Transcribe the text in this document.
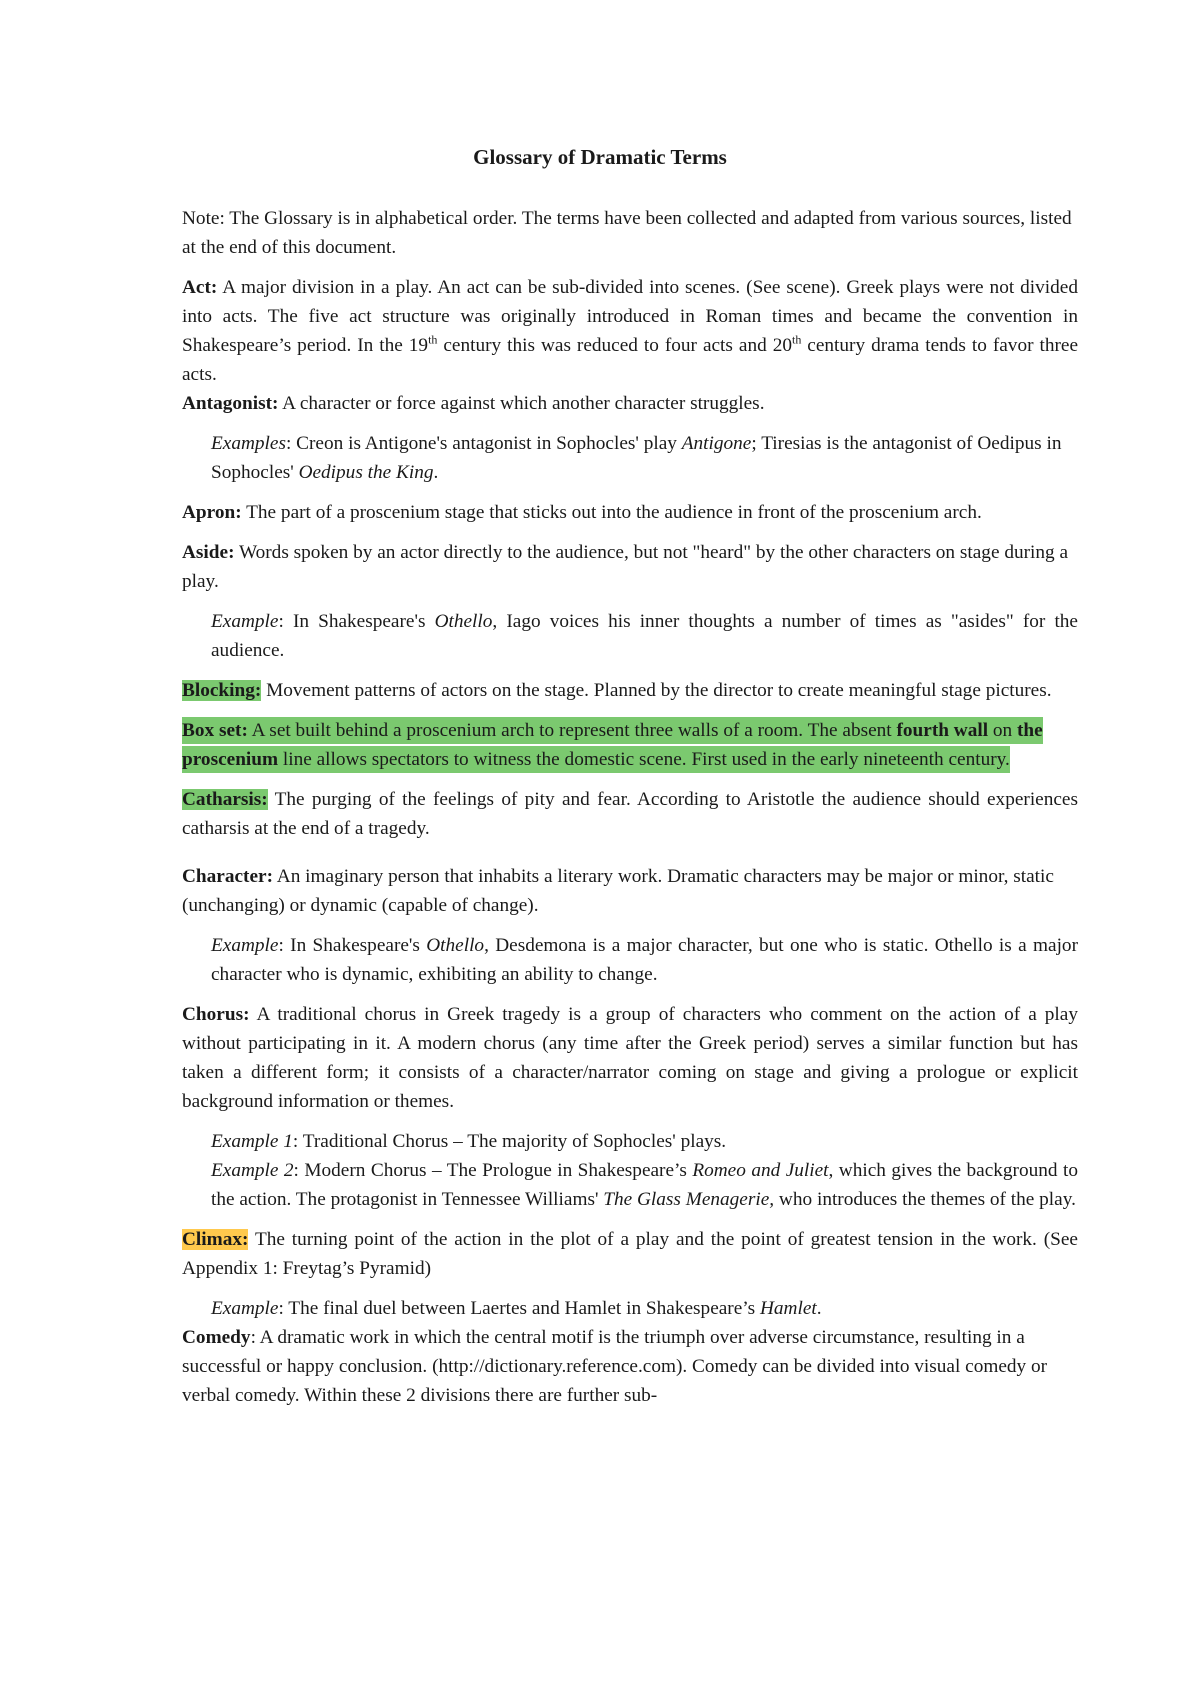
Glossary of Dramatic Terms

Note: The Glossary is in alphabetical order. The terms have been collected and adapted from various sources, listed at the end of this document.

Act: A major division in a play. An act can be sub-divided into scenes. (See scene). Greek plays were not divided into acts. The five act structure was originally introduced in Roman times and became the convention in Shakespeare’s period. In the 19th century this was reduced to four acts and 20th century drama tends to favor three acts.

Antagonist: A character or force against which another character struggles.

Examples: Creon is Antigone's antagonist in Sophocles' play Antigone; Tiresias is the antagonist of Oedipus in Sophocles' Oedipus the King.

Apron: The part of a proscenium stage that sticks out into the audience in front of the proscenium arch.

Aside: Words spoken by an actor directly to the audience, but not "heard" by the other characters on stage during a play.

Example: In Shakespeare's Othello, Iago voices his inner thoughts a number of times as "asides" for the audience.

Blocking: Movement patterns of actors on the stage. Planned by the director to create meaningful stage pictures.

Box set: A set built behind a proscenium arch to represent three walls of a room. The absent fourth wall on the proscenium line allows spectators to witness the domestic scene. First used in the early nineteenth century.

Catharsis: The purging of the feelings of pity and fear. According to Aristotle the audience should experiences catharsis at the end of a tragedy.

Character: An imaginary person that inhabits a literary work. Dramatic characters may be major or minor, static (unchanging) or dynamic (capable of change).

Example: In Shakespeare's Othello, Desdemona is a major character, but one who is static. Othello is a major character who is dynamic, exhibiting an ability to change.

Chorus: A traditional chorus in Greek tragedy is a group of characters who comment on the action of a play without participating in it. A modern chorus (any time after the Greek period) serves a similar function but has taken a different form; it consists of a character/narrator coming on stage and giving a prologue or explicit background information or themes.

Example 1: Traditional Chorus – The majority of Sophocles' plays.

Example 2: Modern Chorus – The Prologue in Shakespeare’s Romeo and Juliet, which gives the background to the action. The protagonist in Tennessee Williams' The Glass Menagerie, who introduces the themes of the play.

Climax: The turning point of the action in the plot of a play and the point of greatest tension in the work. (See Appendix 1: Freytag’s Pyramid)

Example: The final duel between Laertes and Hamlet in Shakespeare’s Hamlet.

Comedy: A dramatic work in which the central motif is the triumph over adverse circumstance, resulting in a successful or happy conclusion. (http://dictionary.reference.com). Comedy can be divided into visual comedy or verbal comedy. Within these 2 divisions there are further sub-
